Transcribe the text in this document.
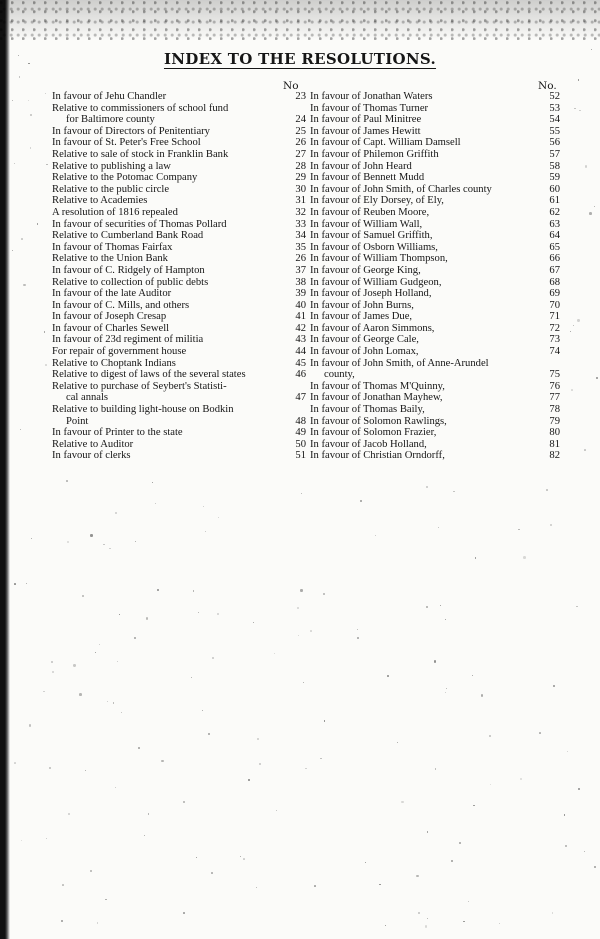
INDEX TO THE RESOLUTIONS.
No	No.
In favour of Jehu Chandler	23
Relative to commissioners of school fund
for Baltimore county	24
In favour of Directors of Penitentiary	25
In favour of St. Peter's Free School	26
Relative to sale of stock in Franklin Bank	27
Relative to publishing a law	28
Relative to the Potomac Company	29
Relative to the public circle	30
Relative to Academies	31
A resolution of 1816 repealed	32
In favour of securities of Thomas Pollard	33
Relative to Cumberland Bank Road	34
In favour of Thomas Fairfax	35
Relative to the Union Bank	26
In favour of C. Ridgely of Hampton	37
Relative to collection of public debts	38
In favour of the late Auditor	39
In favour of C. Mills, and others	40
In favour of Joseph Cresap	41
In favour of Charles Sewell	42
In favour of 23d regiment of militia	43
For repair of government house	44
Relative to Choptank Indians	45
Relative to digest of laws of the several states	46
Relative to purchase of Seybert's Statisti-
cal annals	47
Relative to building light-house on Bodkin
Point	48
In favour of Printer to the state	49
Relative to Auditor	50
In favour of clerks	51
In favour of Jonathan Waters	52
In favour of Thomas Turner	53
In favour of Paul Minitree	54
In favour of James Hewitt	55
In favour of Capt. William Damsell	56
In favour of Philemon Griffith	57
In favour of John Heard	58
In favour of Bennett Mudd	59
In favour of John Smith, of Charles county	60
In favour of Ely Dorsey, of Ely,	61
In favour of Reuben Moore,	62
In favour of William Wall,	63
In favour of Samuel Griffith,	64
In favour of Osborn Williams,	65
In favour of William Thompson,	66
In favour of George King,	67
In favour of William Gudgeon,	68
In favour of Joseph Holland,	69
In favour of John Burns,	70
In favour of James Due,	71
In favour of Aaron Simmons,	72
In favour of George Cale,	73
In favour of John Lomax,	74
In favour of John Smith, of Anne-Arundel
county,	75
In favour of Thomas M'Quinny,	76
In favour of Jonathan Mayhew,	77
In favour of Thomas Baily,	78
In favour of Solomon Rawlings,	79
In favour of Solomon Frazier,	80
In favour of Jacob Holland,	81
In favour of Christian Orndorff,	82
